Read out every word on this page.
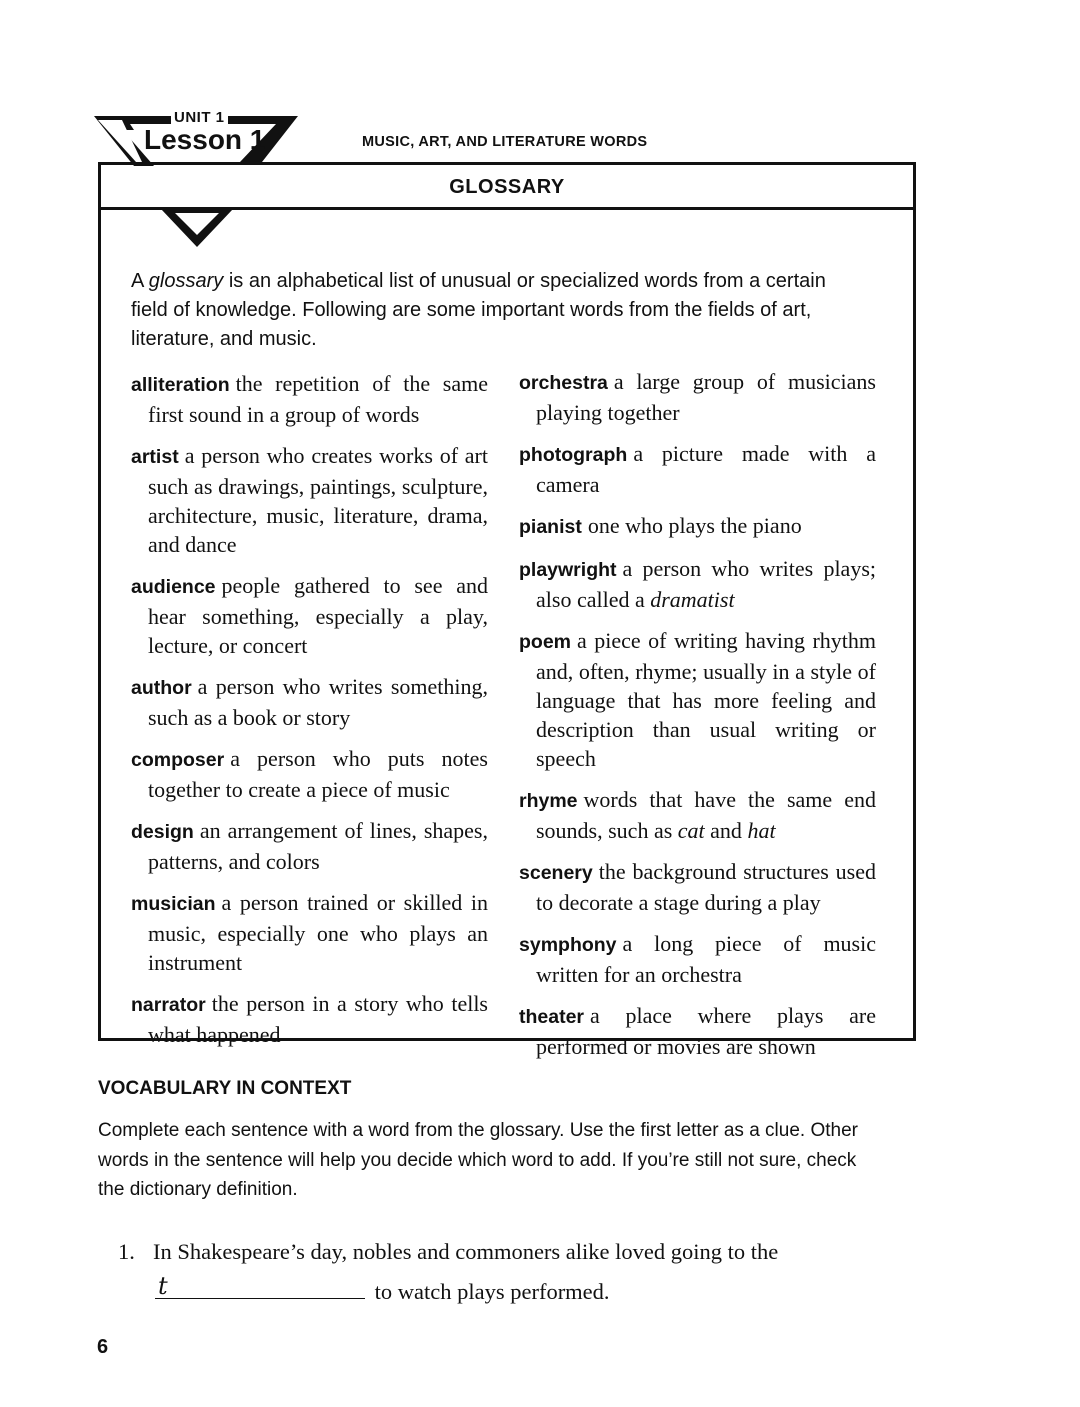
UNIT 1
Lesson 1	MUSIC, ART, AND LITERATURE WORDS
GLOSSARY
A glossary is an alphabetical list of unusual or specialized words from a certain field of knowledge. Following are some important words from the fields of art, literature, and music.
alliteration the repetition of the same first sound in a group of words
artist a person who creates works of art such as drawings, paintings, sculpture, architecture, music, literature, drama, and dance
audience people gathered to see and hear something, especially a play, lecture, or concert
author a person who writes something, such as a book or story
composer a person who puts notes together to create a piece of music
design an arrangement of lines, shapes, patterns, and colors
musician a person trained or skilled in music, especially one who plays an instrument
narrator the person in a story who tells what happened
orchestra a large group of musicians playing together
photograph a picture made with a camera
pianist one who plays the piano
playwright a person who writes plays; also called a dramatist
poem a piece of writing having rhythm and, often, rhyme; usually in a style of language that has more feeling and description than usual writing or speech
rhyme words that have the same end sounds, such as cat and hat
scenery the background structures used to decorate a stage during a play
symphony a long piece of music written for an orchestra
theater a place where plays are performed or movies are shown
VOCABULARY IN CONTEXT
Complete each sentence with a word from the glossary. Use the first letter as a clue. Other words in the sentence will help you decide which word to add. If you’re still not sure, check the dictionary definition.
1. In Shakespeare’s day, nobles and commoners alike loved going to the
t	to watch plays performed.
6
